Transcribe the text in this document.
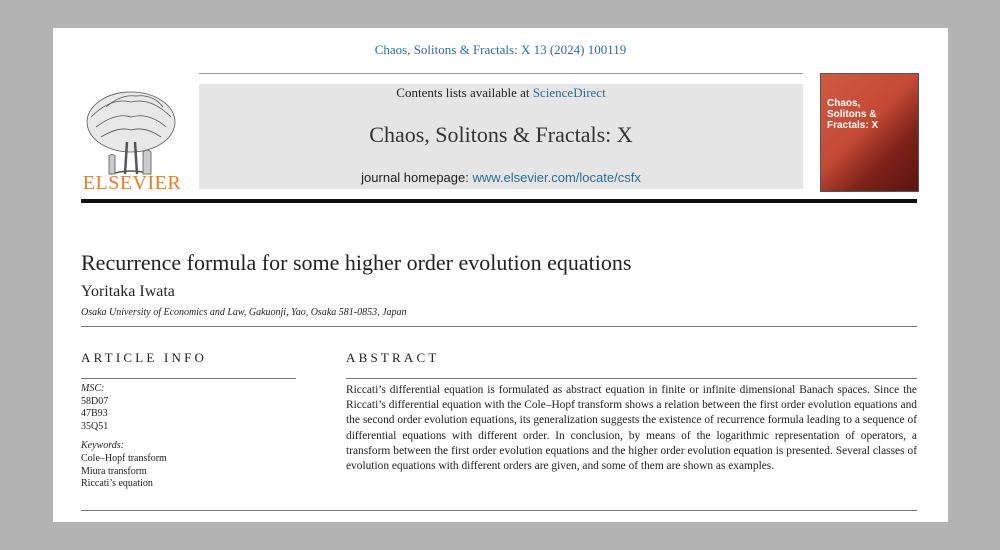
Chaos, Solitons & Fractals: X 13 (2024) 100119
ELSEVIER
Contents lists available at ScienceDirect
Chaos, Solitons & Fractals: X
journal homepage: www.elsevier.com/locate/csfx
Chaos,
Solitons &
Fractals: X
Recurrence formula for some higher order evolution equations
Yoritaka Iwata
Osaka University of Economics and Law, Gakuonji, Yao, Osaka 581-0853, Japan
ARTICLE INFO	ABSTRACT
MSC:
58D07
47B93
35Q51
Keywords:
Cole–Hopf transform
Miura transform
Riccati’s equation
Riccati’s differential equation is formulated as abstract equation in finite or infinite dimensional Banach spaces. Since the Riccati’s differential equation with the Cole–Hopf transform shows a relation between the first order evolution equations and the second order evolution equations, its generalization suggests the existence of recurrence formula leading to a sequence of differential equations with different order. In conclusion, by means of the logarithmic representation of operators, a transform between the first order evolution equations and the higher order evolution equation is presented. Several classes of evolution equations with different orders are given, and some of them are shown as examples.
